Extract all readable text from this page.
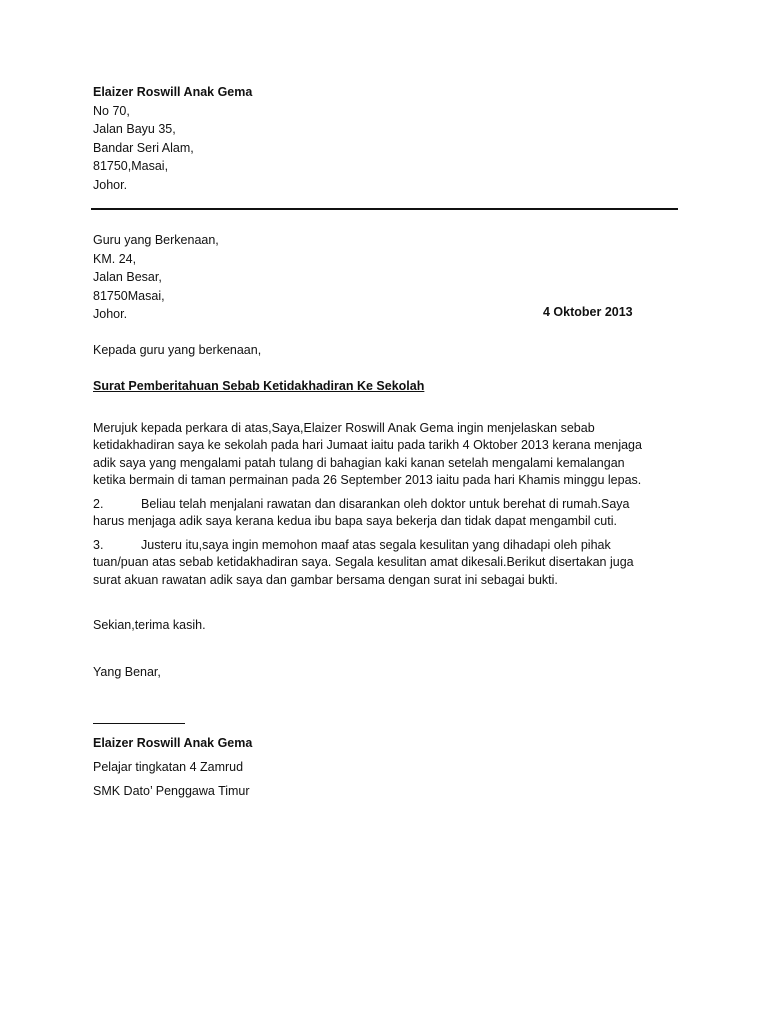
Elaizer Roswill Anak Gema
No 70,
Jalan Bayu 35,
Bandar Seri Alam,
81750,Masai,
Johor.
Guru yang Berkenaan,
KM. 24,
Jalan Besar,
81750Masai,
Johor.	4 Oktober 2013
Kepada guru yang berkenaan,
Surat Pemberitahuan Sebab Ketidakhadiran Ke Sekolah
Merujuk kepada perkara di atas,Saya,Elaizer Roswill Anak Gema ingin menjelaskan sebab
ketidakhadiran saya ke sekolah pada hari Jumaat iaitu pada tarikh 4 Oktober 2013 kerana menjaga
adik saya yang mengalami patah tulang di bahagian kaki kanan setelah mengalami kemalangan
ketika bermain di taman permainan pada 26 September 2013 iaitu pada hari Khamis minggu lepas.
2.	Beliau telah menjalani rawatan dan disarankan oleh doktor untuk berehat di rumah.Saya
harus menjaga adik saya kerana kedua ibu bapa saya bekerja dan tidak dapat mengambil cuti.
3.	Justeru itu,saya ingin memohon maaf atas segala kesulitan yang dihadapi oleh pihak
tuan/puan atas sebab ketidakhadiran saya. Segala kesulitan amat dikesali.Berikut disertakan juga
surat akuan rawatan adik saya dan gambar bersama dengan surat ini sebagai bukti.
Sekian,terima kasih.
Yang Benar,
Elaizer Roswill Anak Gema
Pelajar tingkatan 4 Zamrud
SMK Dato’ Penggawa Timur
